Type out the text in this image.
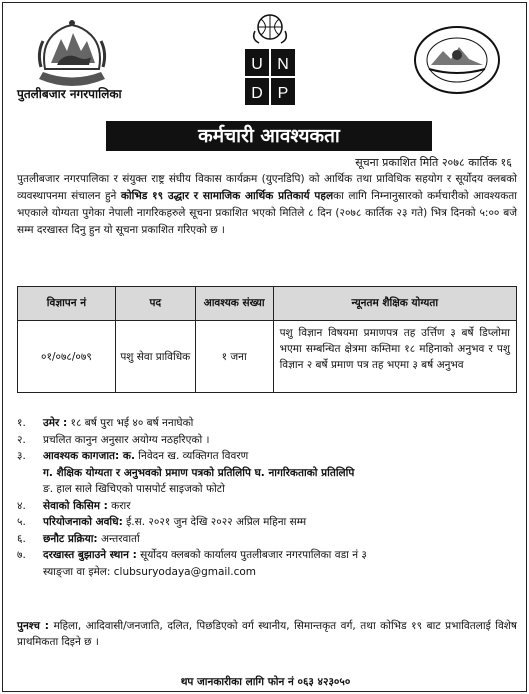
पुतलीबजार नगरपालिका
U N
D P
कर्मचारी आवश्यकता
सूचना प्रकाशित मिति २०७८ कार्तिक १६
पुतलीबजार नगरपालिका र संयुक्त राष्ट्र संघीय विकास कार्यक्रम (युएनडिपि) को आर्थिक तथा प्राविधिक सहयोग र सूर्योदय क्लबको व्यवस्थापनमा संचालन हुने कोभिड १९ उद्धार र सामाजिक आर्थिक प्रतिकार्य पहलका लागि निम्नानुसारको कर्मचारीको आवश्यकता भएकाले योग्यता पुगेका नेपाली नागरिकहरुले सूचना प्रकाशित भएको मितिले ८ दिन (२०७८ कार्तिक २३ गते) भित्र दिनको ५:०० बजे सम्म दरखास्त दिनु हुन यो सूचना प्रकाशित गरिएको छ ।
विज्ञापन नं	पद	आवश्यक संख्या	न्यूनतम शैक्षिक योग्यता
०१/०७८/०७९	पशु सेवा प्राविधिक	१ जना	पशु विज्ञान विषयमा प्रमाणपत्र तह उर्त्तिण ३ बर्षे डिप्लोमा भएमा सम्बन्धित क्षेत्रमा कम्तिमा १८ महिनाको अनुभव र पशु विज्ञान २ बर्षे प्रमाण पत्र तह भएमा ३ बर्ष अनुभव
१.	उमेर : १८ बर्ष पुरा भई ४० बर्ष ननाघेको
२.	प्रचलित कानुन अनुसार अयोग्य नठहरिएको ।
३.	आवश्यक कागजात: क. निवेदन ख. व्यक्तिगत विवरण
ग. शैक्षिक योग्यता र अनुभवको प्रमाण पत्रको प्रतिलिपि घ. नागरिकताको प्रतिलिपि
ङ. हाल साले खिचिएको पासपोर्ट साइजको फोटो
४.	सेवाको किसिम : करार
५.	परियोजनाको अवधि: ई.स. २०२१ जुन देखि २०२२ अप्रिल महिना सम्म
६.	छनौट प्रक्रिया: अन्तरवार्ता
७.	दरखास्त बुझाउने स्थान : सूर्योदय क्लबको कार्यालय पुतलीबजार नगरपालिका वडा नं ३
स्याङ्जा वा इमेल: clubsuryodaya@gmail.com
पुनश्च : महिला, आदिवासी/जनजाति, दलित, पिछडिएको वर्ग स्थानीय, सिमान्तकृत वर्ग, तथा कोभिड १९ बाट प्रभावितलाई विशेष प्राथमिकता दिइने छ ।
थप जानकारीका लागि फोन नं ०६३ ४२३०५०
